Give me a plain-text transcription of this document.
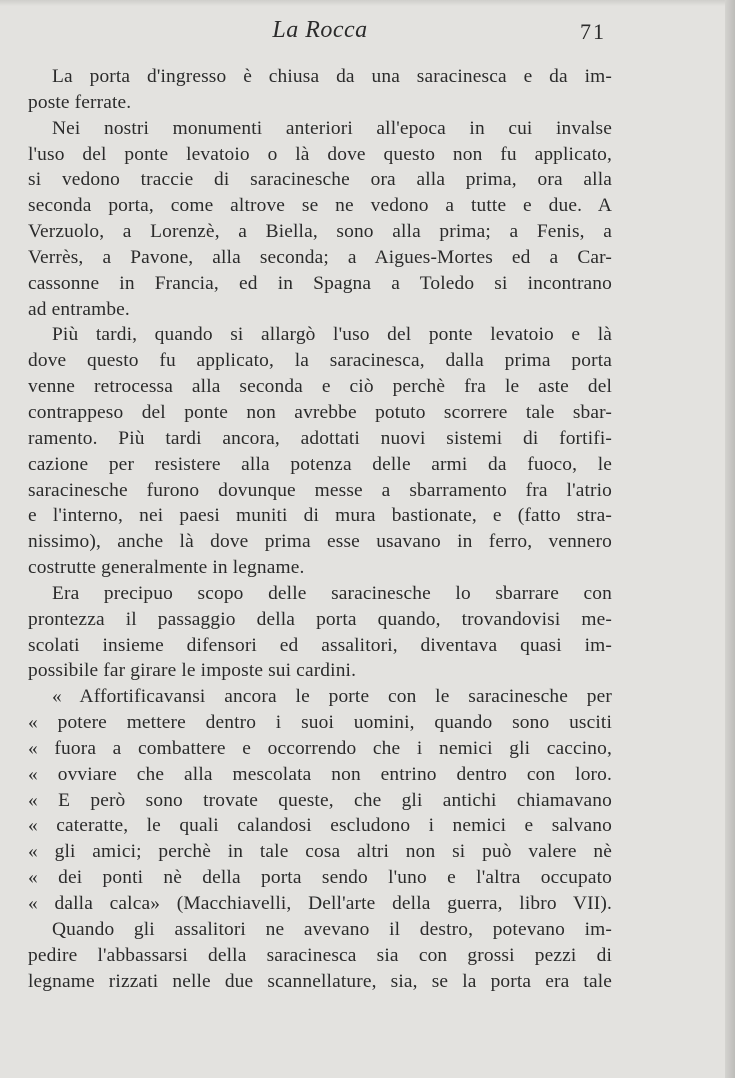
La Rocca	71
La porta d'ingresso è chiusa da una saracinesca e da im-
poste ferrate.
Nei nostri monumenti anteriori all'epoca in cui invalse
l'uso del ponte levatoio o là dove questo non fu applicato,
si vedono traccie di saracinesche ora alla prima, ora alla
seconda porta, come altrove se ne vedono a tutte e due. A
Verzuolo, a Lorenzè, a Biella, sono alla prima; a Fenis, a
Verrès, a Pavone, alla seconda; a Aigues-Mortes ed a Car-
cassonne in Francia, ed in Spagna a Toledo si incontrano
ad entrambe.
Più tardi, quando si allargò l'uso del ponte levatoio e là
dove questo fu applicato, la saracinesca, dalla prima porta
venne retrocessa alla seconda e ciò perchè fra le aste del
contrappeso del ponte non avrebbe potuto scorrere tale sbar-
ramento. Più tardi ancora, adottati nuovi sistemi di fortifi-
cazione per resistere alla potenza delle armi da fuoco, le
saracinesche furono dovunque messe a sbarramento fra l'atrio
e l'interno, nei paesi muniti di mura bastionate, e (fatto stra-
nissimo), anche là dove prima esse usavano in ferro, vennero
costrutte generalmente in legname.
Era precipuo scopo delle saracinesche lo sbarrare con
prontezza il passaggio della porta quando, trovandovisi me-
scolati insieme difensori ed assalitori, diventava quasi im-
possibile far girare le imposte sui cardini.
« Affortificavansi ancora le porte con le saracinesche per
« potere mettere dentro i suoi uomini, quando sono usciti
« fuora a combattere e occorrendo che i nemici gli caccino,
« ovviare che alla mescolata non entrino dentro con loro.
« E però sono trovate queste, che gli antichi chiamavano
« cateratte, le quali calandosi escludono i nemici e salvano
« gli amici; perchè in tale cosa altri non si può valere nè
« dei ponti nè della porta sendo l'uno e l'altra occupato
« dalla calca» (Macchiavelli, Dell'arte della guerra, libro VII).
Quando gli assalitori ne avevano il destro, potevano im-
pedire l'abbassarsi della saracinesca sia con grossi pezzi di
legname rizzati nelle due scannellature, sia, se la porta era tale
